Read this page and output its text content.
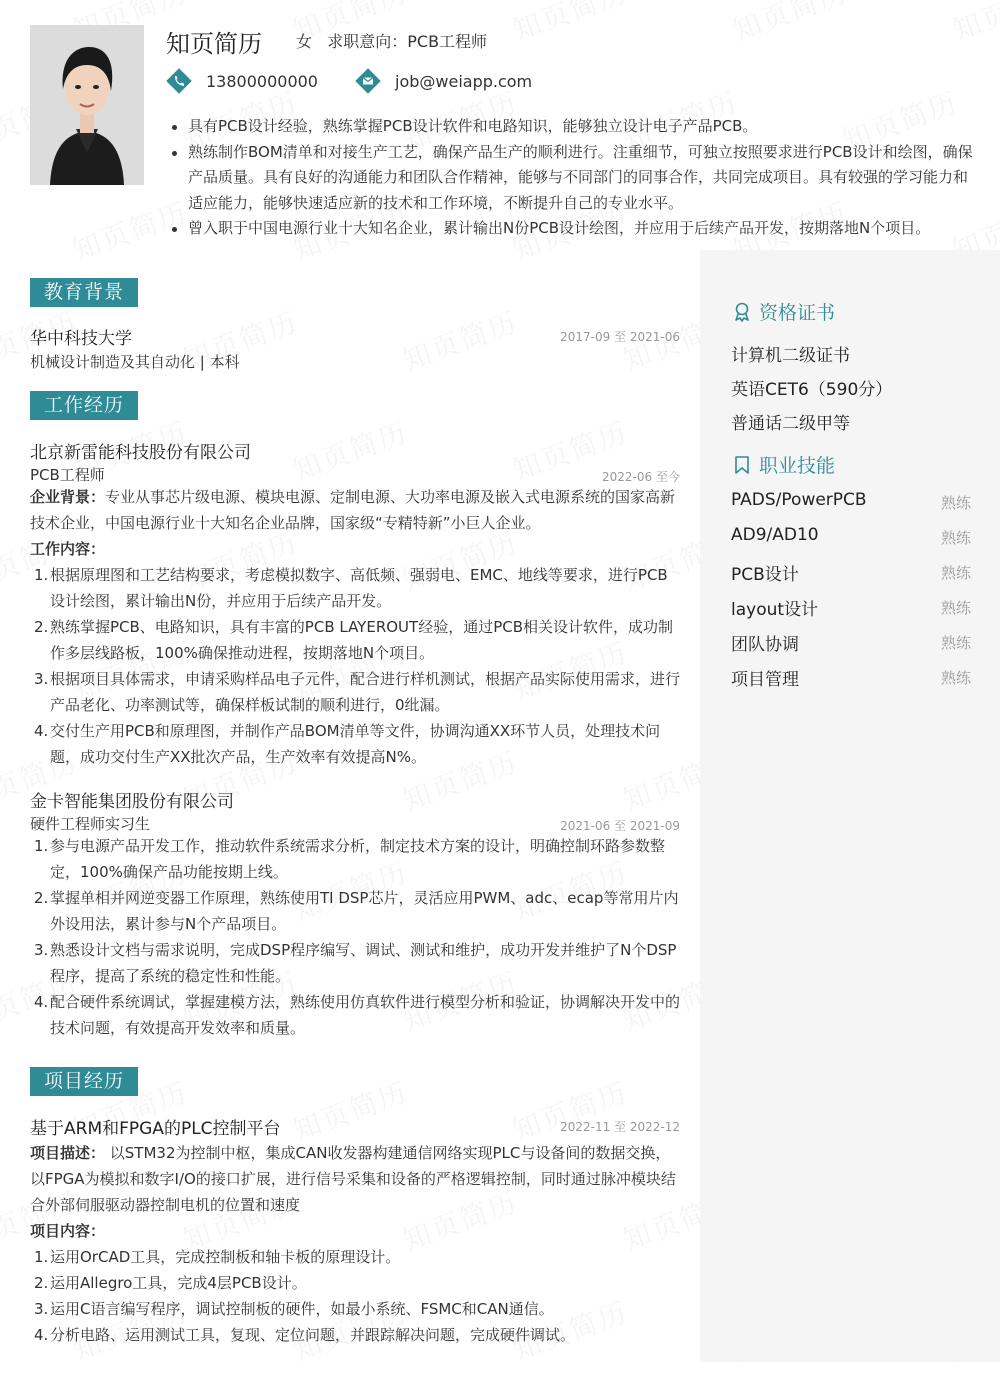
知页简历 女   求职意向：PCB工程师
13800000000	job@weiapp.com
具有PCB设计经验，熟练掌握PCB设计软件和电路知识，能够独立设计电子产品PCB。
熟练制作BOM清单和对接生产工艺，确保产品生产的顺利进行。注重细节，可独立按照要求进行PCB设计和绘图，确保产品质量。具有良好的沟通能力和团队合作精神，能够与不同部门的同事合作，共同完成项目。具有较强的学习能力和适应能力，能够快速适应新的技术和工作环境，不断提升自己的专业水平。
曾入职于中国电源行业十大知名企业，累计输出N份PCB设计绘图，并应用于后续产品开发，按期落地N个项目。
教育背景
华中科技大学	2017-09 至 2021-06
机械设计制造及其自动化 | 本科
工作经历
北京新雷能科技股份有限公司
PCB工程师	2022-06 至今
企业背景：专业从事芯片级电源、模块电源、定制电源、大功率电源及嵌入式电源系统的国家高新技术企业，中国电源行业十大知名企业品牌，国家级“专精特新”小巨人企业。
工作内容：
1. 根据原理图和工艺结构要求，考虑模拟数字、高低频、强弱电、EMC、地线等要求，进行PCB设计绘图，累计输出N份，并应用于后续产品开发。
2. 熟练掌握PCB、电路知识，具有丰富的PCB LAYEROUT经验，通过PCB相关设计软件，成功制作多层线路板，100%确保推动进程，按期落地N个项目。
3. 根据项目具体需求，申请采购样品电子元件，配合进行样机测试，根据产品实际使用需求，进行产品老化、功率测试等，确保样板试制的顺利进行，0纰漏。
4. 交付生产用PCB和原理图，并制作产品BOM清单等文件，协调沟通XX环节人员，处理技术问题，成功交付生产XX批次产品，生产效率有效提高N%。
金卡智能集团股份有限公司
硬件工程师实习生	2021-06 至 2021-09
1. 参与电源产品开发工作，推动软件系统需求分析，制定技术方案的设计，明确控制环路参数整定，100%确保产品功能按期上线。
2. 掌握单相并网逆变器工作原理，熟练使用TI DSP芯片，灵活应用PWM、adc、ecap等常用片内外设用法，累计参与N个产品项目。
3. 熟悉设计文档与需求说明，完成DSP程序编写、调试、测试和维护，成功开发并维护了N个DSP程序，提高了系统的稳定性和性能。
4. 配合硬件系统调试，掌握建模方法，熟练使用仿真软件进行模型分析和验证，协调解决开发中的技术问题，有效提高开发效率和质量。
项目经历
基于ARM和FPGA的PLC控制平台	2022-11 至 2022-12
项目描述： 以STM32为控制中枢，集成CAN收发器构建通信网络实现PLC与设备间的数据交换，以FPGA为模拟和数字I/O的接口扩展，进行信号采集和设备的严格逻辑控制，同时通过脉冲模块结合外部伺服驱动器控制电机的位置和速度
项目内容：
1. 运用OrCAD工具，完成控制板和轴卡板的原理设计。
2. 运用Allegro工具，完成4层PCB设计。
3. 运用C语言编写程序，调试控制板的硬件，如最小系统、FSMC和CAN通信。
4. 分析电路、运用测试工具，复现、定位问题，并跟踪解决问题，完成硬件调试。
资格证书
计算机二级证书
英语CET6（590分）
普通话二级甲等
职业技能
PADS/PowerPCB	熟练
AD9/AD10	熟练
PCB设计	熟练
layout设计	熟练
团队协调	熟练
项目管理	熟练
